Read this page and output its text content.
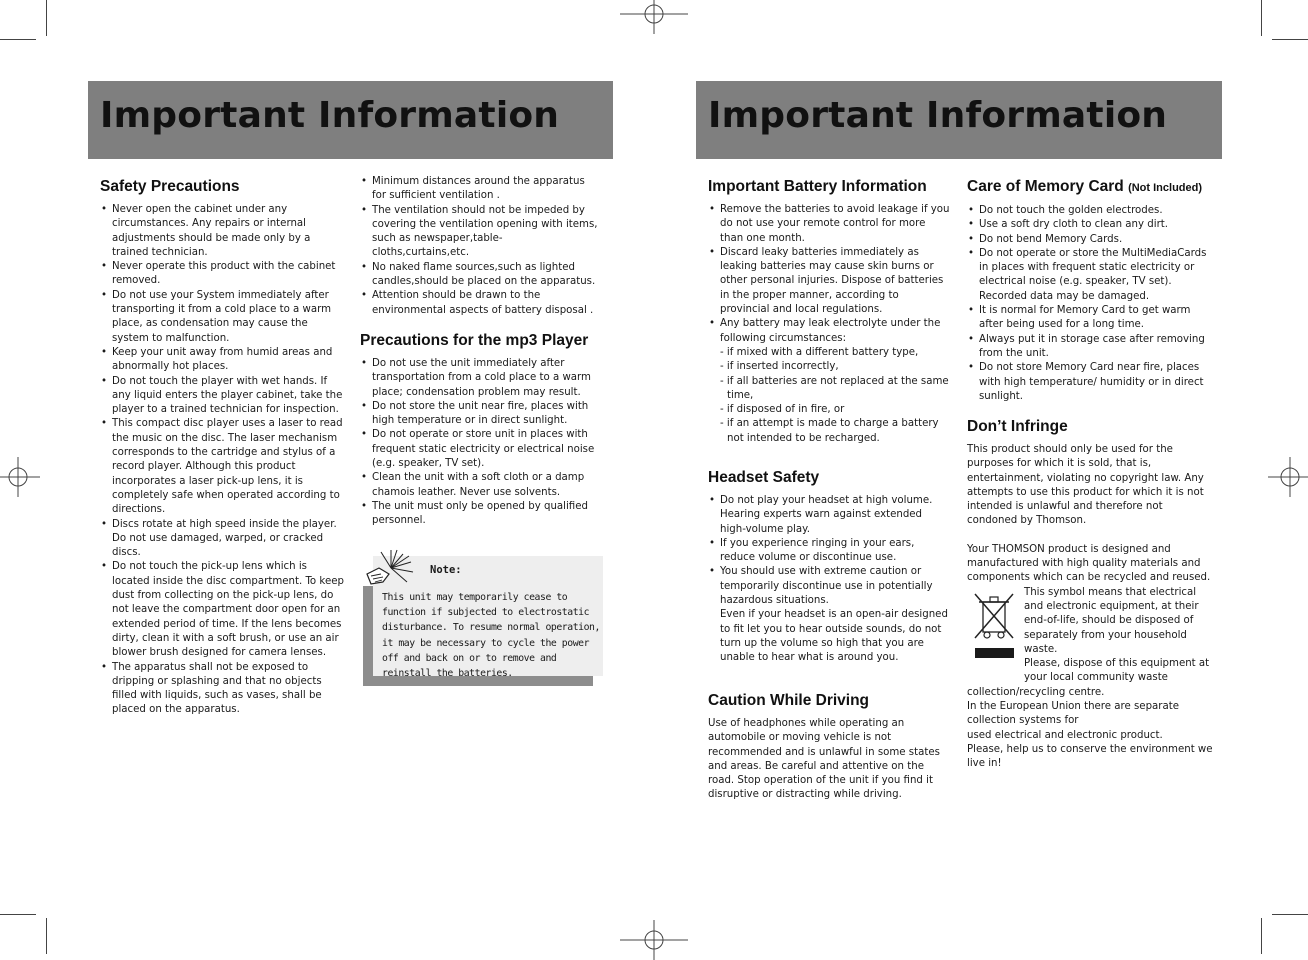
Important Information
Safety Precautions
• Never open the cabinet under any circumstances. Any repairs or internal adjustments should be made only by a trained technician.
• Never operate this product with the cabinet removed.
• Do not use your System immediately after transporting it from a cold place to a warm place, as condensation may cause the system to malfunction.
• Keep your unit away from humid areas and abnormally hot places.
• Do not touch the player with wet hands. If any liquid enters the player cabinet, take the player to a trained technician for inspection.
• This compact disc player uses a laser to read the music on the disc. The laser mechanism corresponds to the cartridge and stylus of a record player. Although this product incorporates a laser pick-up lens, it is completely safe when operated according to directions.
• Discs rotate at high speed inside the player. Do not use damaged, warped, or cracked discs.
• Do not touch the pick-up lens which is located inside the disc compartment. To keep dust from collecting on the pick-up lens, do not leave the compartment door open for an extended period of time. If the lens becomes dirty, clean it with a soft brush, or use an air blower brush designed for camera lenses.
• The apparatus shall not be exposed to dripping or splashing and that no objects filled with liquids, such as vases, shall be placed on the apparatus.
• Minimum distances around the apparatus for sufficient ventilation .
• The ventilation should not be impeded by covering the ventilation opening with items, such as newspaper,table-cloths,curtains,etc.
• No naked flame sources,such as lighted candles,should be placed on the apparatus.
• Attention should be drawn to the environmental aspects of battery disposal .
Precautions for the mp3 Player
• Do not use the unit immediately after transportation from a cold place to a warm place; condensation problem may result.
• Do not store the unit near fire, places with high temperature or in direct sunlight.
• Do not operate or store unit in places with frequent static electricity or electrical noise (e.g. speaker, TV set).
• Clean the unit with a soft cloth or a damp chamois leather. Never use solvents.
• The unit must only be opened by qualified personnel.
Note:
This unit may temporarily cease to function if subjected to electrostatic disturbance. To resume normal operation, it may be necessary to cycle the power off and back on or to remove and reinstall the batteries.
Important Information
Important Battery Information
• Remove the batteries to avoid leakage if you do not use your remote control for more than one month.
• Discard leaky batteries immediately as leaking batteries may cause skin burns or other personal injuries. Dispose of batteries in the proper manner, according to provincial and local regulations.
• Any battery may leak electrolyte under the following circumstances:
- if mixed with a different battery type,
- if inserted incorrectly,
- if all batteries are not replaced at the same time,
- if disposed of in fire, or
- if an attempt is made to charge a battery not intended to be recharged.
Headset Safety
• Do not play your headset at high volume. Hearing experts warn against extended high-volume play.
• If you experience ringing in your ears, reduce volume or discontinue use.
• You should use with extreme caution or temporarily discontinue use in potentially hazardous situations.

Even if your headset is an open-air designed to fit let you to hear outside sounds, do not turn up the volume so high that you are unable to hear what is around you.

Caution While Driving

Use of headphones while operating an automobile or moving vehicle is not recommended and is unlawful in some states and areas. Be careful and attentive on the road. Stop operation of the unit if you find it disruptive or distracting while driving.

Care of Memory Card (Not Included)
• Do not touch the golden electrodes.
• Use a soft dry cloth to clean any dirt.
• Do not bend Memory Cards.
• Do not operate or store the MultiMediaCards in places with frequent static electricity or electrical noise (e.g. speaker, TV set). Recorded data may be damaged.
• It is normal for Memory Card to get warm after being used for a long time.
• Always put it in storage case after removing from the unit.
• Do not store Memory Card near fire, places with high temperature/ humidity or in direct sunlight.
Don’t Infringe

This product should only be used for the purposes for which it is sold, that is, entertainment, violating no copyright law. Any attempts to use this product for which it is not intended is unlawful and therefore not condoned by Thomson.

Your THOMSON product is designed and manufactured with high quality materials and components which can be recycled and reused.

This symbol means that electrical and electronic equipment, at their end-of-life, should be disposed of separately from your household waste.

Please, dispose of this equipment at your local community waste

collection/recycling centre.

In the European Union there are separate collection systems for

used electrical and electronic product.

Please, help us to conserve the environment we live in!
